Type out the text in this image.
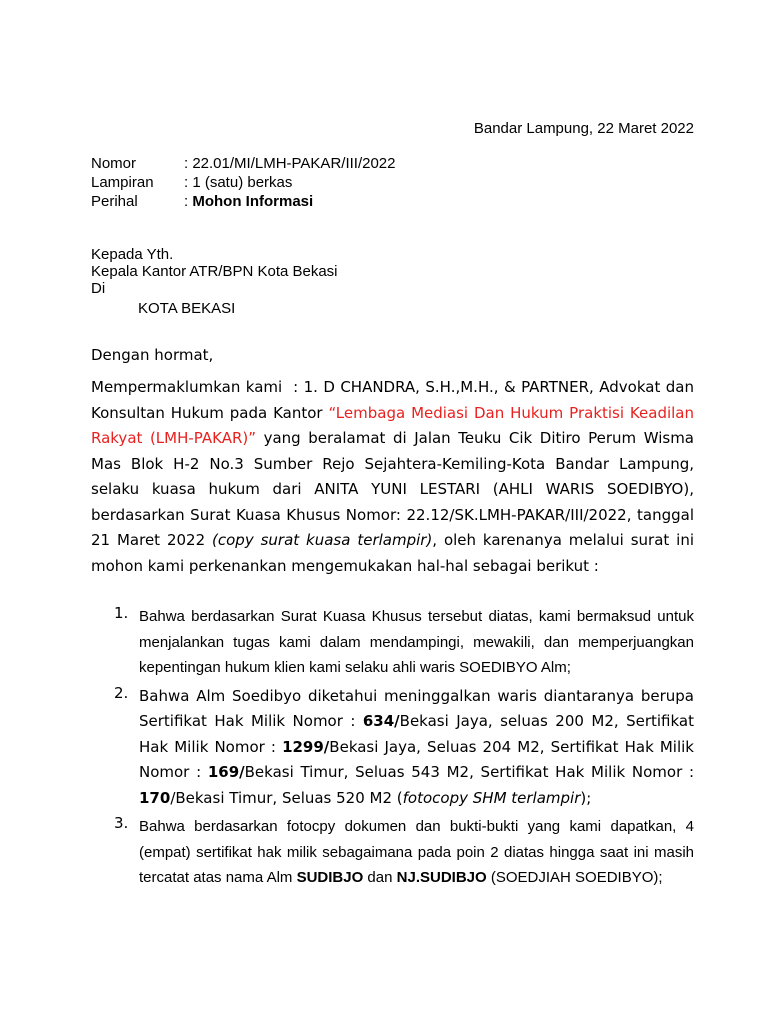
Bandar Lampung, 22 Maret 2022
Nomor	: 22.01/MI/LMH-PAKAR/III/2022
Lampiran	: 1 (satu) berkas
Perihal	: Mohon Informasi
Kepada Yth.
Kepala Kantor ATR/BPN Kota Bekasi
Di
KOTA BEKASI
Dengan hormat,
Mempermaklumkan kami  : 1. D CHANDRA, S.H.,M.H., & PARTNER, Advokat dan Konsultan Hukum pada Kantor “Lembaga Mediasi Dan Hukum Praktisi Keadilan Rakyat (LMH-PAKAR)” yang beralamat di Jalan Teuku Cik Ditiro Perum Wisma Mas Blok H-2 No.3 Sumber Rejo Sejahtera-Kemiling-Kota Bandar Lampung, selaku kuasa hukum dari ANITA YUNI LESTARI (AHLI WARIS SOEDIBYO), berdasarkan Surat Kuasa Khusus Nomor: 22.12/SK.LMH-PAKAR/III/2022, tanggal 21 Maret 2022 (copy surat kuasa terlampir), oleh karenanya melalui surat ini mohon kami perkenankan mengemukakan hal-hal sebagai berikut :
1. Bahwa berdasarkan Surat Kuasa Khusus tersebut diatas, kami bermaksud untuk menjalankan tugas kami dalam mendampingi, mewakili, dan memperjuangkan kepentingan hukum klien kami selaku ahli waris SOEDIBYO Alm;
2. Bahwa Alm Soedibyo diketahui meninggalkan waris diantaranya berupa Sertifikat Hak Milik Nomor : 634/Bekasi Jaya, seluas 200 M2, Sertifikat Hak Milik Nomor : 1299/Bekasi Jaya, Seluas 204 M2, Sertifikat Hak Milik Nomor : 169/Bekasi Timur, Seluas 543 M2, Sertifikat Hak Milik Nomor : 170/Bekasi Timur, Seluas 520 M2 (fotocopy SHM terlampir);
3. Bahwa berdasarkan fotocpy dokumen dan bukti-bukti yang kami dapatkan, 4 (empat) sertifikat hak milik sebagaimana pada poin 2 diatas hingga saat ini masih tercatat atas nama Alm SUDIBJO dan NJ.SUDIBJO (SOEDJIAH SOEDIBYO);
